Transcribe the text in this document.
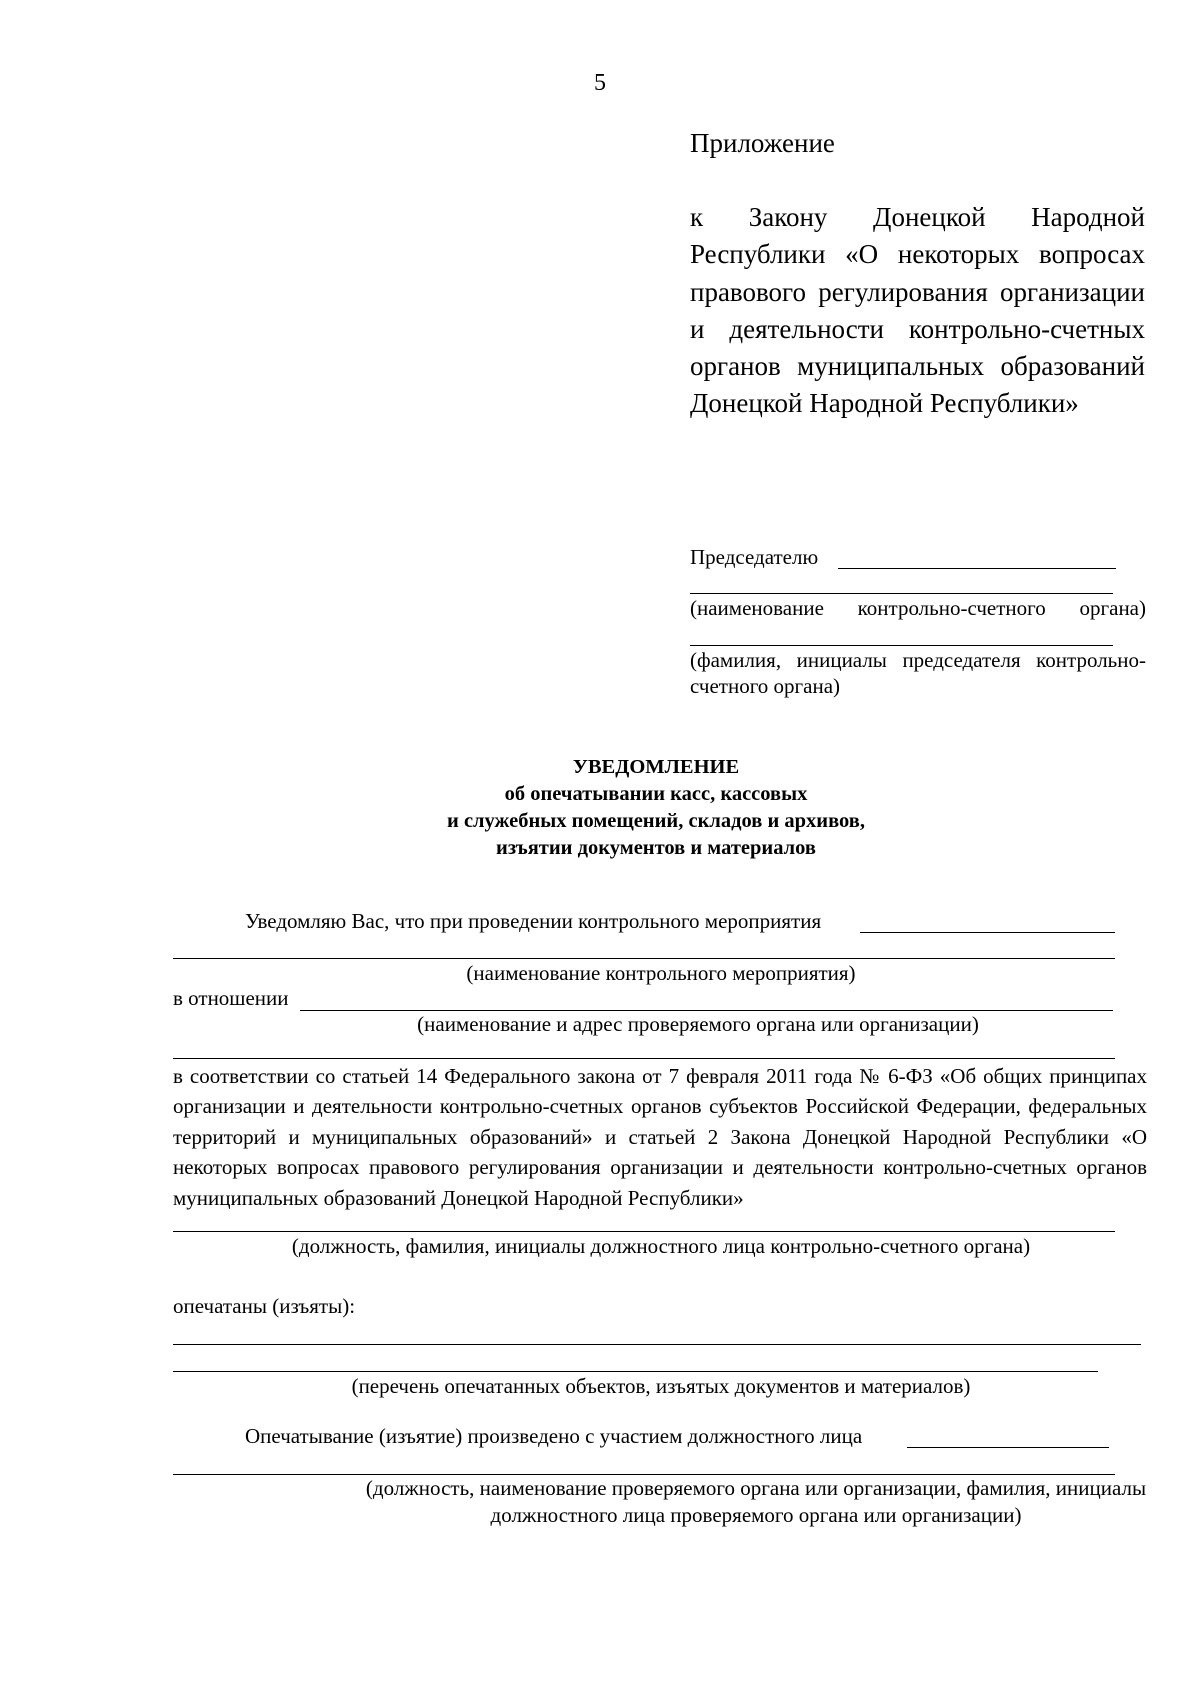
5
Приложение
к Закону Донецкой Народной Республики «О некоторых вопросах правового регулирования организации и деятельности контрольно-счетных органов муниципальных образований Донецкой Народной Республики»
Председателю
(наименование контрольно-счетного органа)
(фамилия, инициалы председателя контрольно-
счетного органа)
УВЕДОМЛЕНИЕ
об опечатывании касс, кассовых
и служебных помещений, складов и архивов,
изъятии документов и материалов
Уведомляю Вас, что при проведении контрольного мероприятия
(наименование контрольного мероприятия)
в отношении
(наименование и адрес проверяемого органа или организации)
в соответствии со статьей 14 Федерального закона от 7 февраля 2011 года № 6-ФЗ «Об общих принципах организации и деятельности контрольно-счетных органов субъектов Российской Федерации, федеральных территорий и муниципальных образований» и статьей 2 Закона Донецкой Народной Республики «О некоторых вопросах правового регулирования организации и деятельности контрольно-счетных органов муниципальных образований Донецкой Народной Республики»
(должность, фамилия, инициалы должностного лица контрольно-счетного органа)
опечатаны (изъяты):
(перечень опечатанных объектов, изъятых документов и материалов)
Опечатывание (изъятие) произведено с участием должностного лица
(должность, наименование проверяемого органа или организации, фамилия, инициалы
должностного лица проверяемого органа или организации)
